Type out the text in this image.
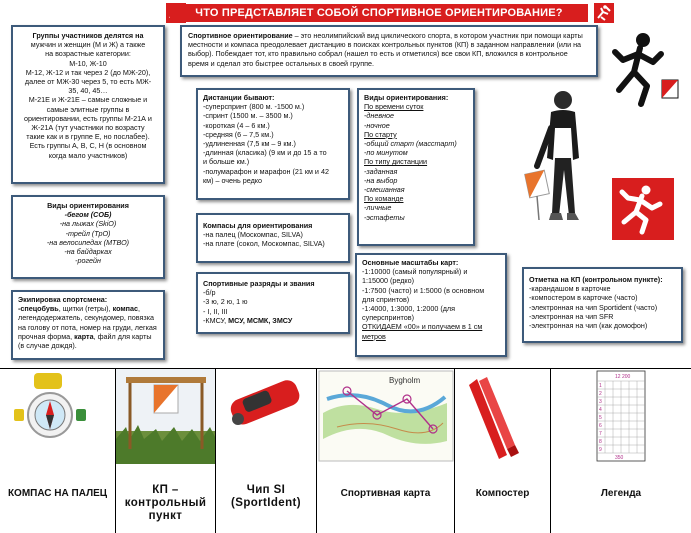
ЧТО ПРЕДСТАВЛЯЕТ СОБОЙ СПОРТИВНОЕ ОРИЕНТИРОВАНИЕ?
Группы участников делятся на
мужчин и женщин (М и Ж) а также
на возрастные категории:
М-10, Ж-10
М-12, Ж-12 и так через 2 (до МЖ-20),
далее от МЖ-30 через 5, то есть МЖ-
35, 40, 45…
М-21Е и Ж-21Е – самые сложные и
самые элитные группы в
ориентировании, есть группы М-21А и
Ж-21А (тут участники по возрасту
такие как и в группе Е, но послабее).
Есть группы А, В, С, Н (в основном
когда мало участников)
Спортивное ориентирование – это неолимпийский вид циклического спорта, в котором участник при помощи карты местности и компаса преодолевает дистанцию в поисках контрольных пунктов (КП) в заданном направлении (или на выбор). Побеждает тот, кто правильно собрал (нашел то есть и отметился) все свои КП, вложился в контрольное время и сделал это быстрее остальных в своей группе.
Дистанции бывают:
-суперспринт (800 м. -1500 м.)
-спринт (1500 м. – 3500 м.)
-короткая (4 – 6 км.)
-средняя (6 – 7,5 км.)
-удлиненная (7,5 км – 9 км.)
-длинная (класика) (9 км и до 15 а то
и больше км.)
-полумарафон и марафон (21 км и 42
км) – очень редко
Виды ориентирования:
По времени суток
-дневное
-ночное
По старту
-общий старт (масстарт)
-по минутом
По типу дистанции
-заданная
-на выбор
-смешанная
По команде
-личные
-эстафеты
Виды ориентирования
-бегом (СОБ)
-на лыжах (SkiO)
-трейл (ТрО)
-на велосипедах (МТВО)
-на байдарках
-рогейн
Компасы для ориентирования
-на палец (Москомпас, SILVA)
-на плате (сокол, Москомпас, SILVA)
Основные масштабы карт:
-1:10000 (самый популярный) и
1:15000 (редко)
-1:7500 (часто) и 1:5000 (в основном
для спринтов)
-1:4000, 1:3000, 1:2000 (для
суперспринтов)
ОТКИДАЕМ «00» и получаем в 1 см
метров
Спортивные разряды и звания
-б/р
-3 ю, 2 ю, 1 ю
- I, II, III
-КМСУ, МСУ, МСМК, ЗМСУ
Отметка на КП (контрольном пункте):
-карандашом в карточке
-компостером в карточке (часто)
-электронная на чип Sportident (часто)
-электронная на чип SFR
-электронная на чип (как домофон)
Экипировка спортсмена:
-спецобувь, щитки (гетры), компас, легендодержатель, секундомер, повязка на голову от пота, номер на груди, легкая прочная форма, карта, файл для карты (в случае дождя).
КОМПАС НА ПАЛЕЦ	КП – контрольный пункт
Чип SI (SportIdent)
Bygholm
Спортивная карта	Компостер
12 200
1
2
3
4
5
6
7
8
9
350
Легенда
